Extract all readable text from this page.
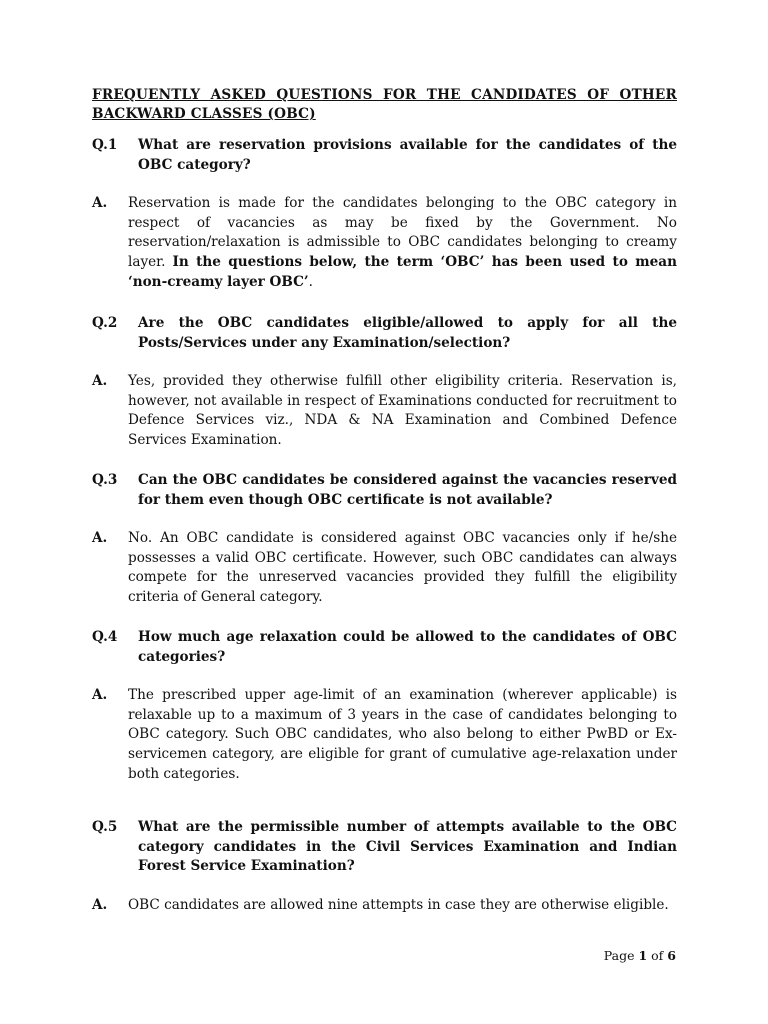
FREQUENTLY ASKED QUESTIONS FOR THE CANDIDATES OF OTHER
BACKWARD CLASSES (OBC)
Q.1 What are reservation provisions available for the candidates of the OBC category?
A. Reservation is made for the candidates belonging to the OBC category in respect of vacancies as may be fixed by the Government. No reservation/relaxation is admissible to OBC candidates belonging to creamy layer. In the questions below, the term ‘OBC’ has been used to mean ‘non-creamy layer OBC’.
Q.2 Are the OBC candidates eligible/allowed to apply for all the Posts/Services under any Examination/selection?
A. Yes, provided they otherwise fulfill other eligibility criteria. Reservation is, however, not available in respect of Examinations conducted for recruitment to Defence Services viz., NDA & NA Examination and Combined Defence Services Examination.
Q.3 Can the OBC candidates be considered against the vacancies reserved for them even though OBC certificate is not available?
A. No. An OBC candidate is considered against OBC vacancies only if he/she possesses a valid OBC certificate. However, such OBC candidates can always compete for the unreserved vacancies provided they fulfill the eligibility criteria of General category.
Q.4 How much age relaxation could be allowed to the candidates of OBC categories?
A. The prescribed upper age-limit of an examination (wherever applicable) is relaxable up to a maximum of 3 years in the case of candidates belonging to OBC category. Such OBC candidates, who also belong to either PwBD or Ex-servicemen category, are eligible for grant of cumulative age-relaxation under both categories.
Q.5 What are the permissible number of attempts available to the OBC category candidates in the Civil Services Examination and Indian Forest Service Examination?
A. OBC candidates are allowed nine attempts in case they are otherwise eligible.
Page 1 of 6
